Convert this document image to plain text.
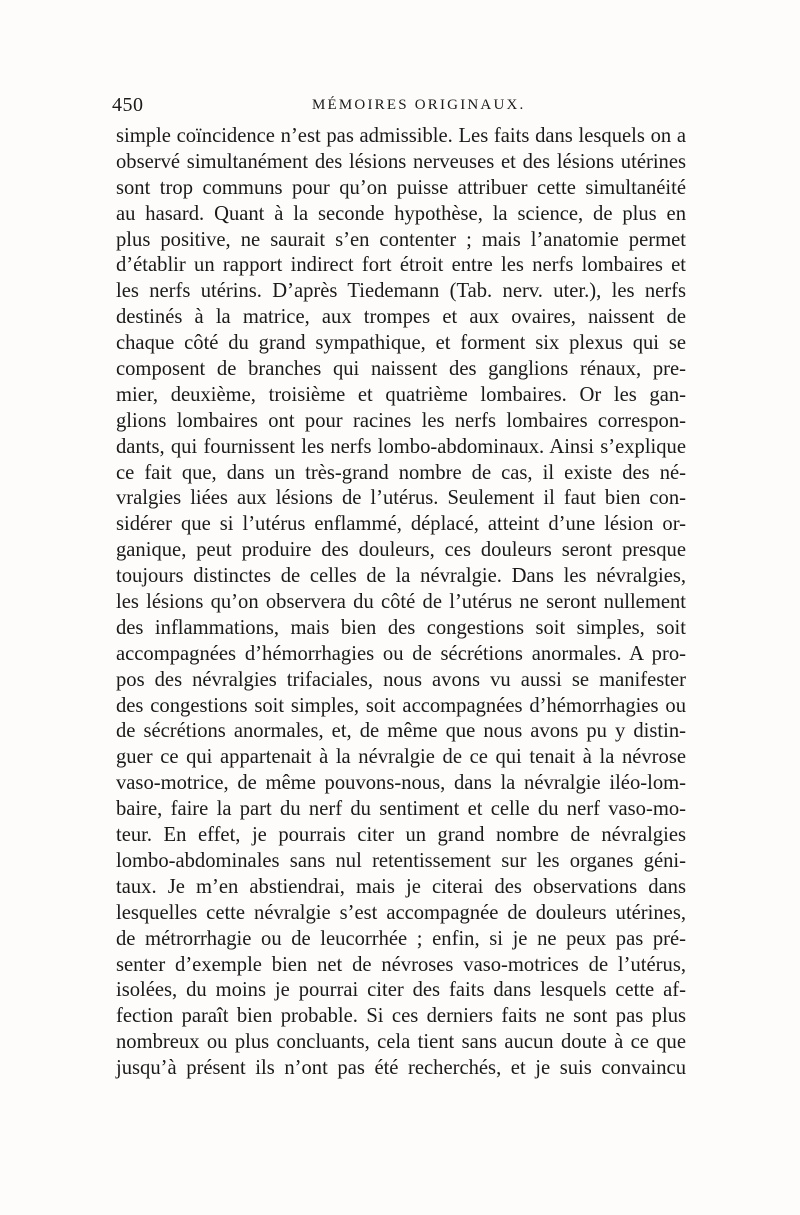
450	MÉMOIRES ORIGINAUX.
simple coïncidence n’est pas admissible. Les faits dans lesquels on a
observé simultanément des lésions nerveuses et des lésions utérines
sont trop communs pour qu’on puisse attribuer cette simultanéité
au hasard. Quant à la seconde hypothèse, la science, de plus en
plus positive, ne saurait s’en contenter ; mais l’anatomie permet
d’établir un rapport indirect fort étroit entre les nerfs lombaires et
les nerfs utérins. D’après Tiedemann (Tab. nerv. uter.), les nerfs
destinés à la matrice, aux trompes et aux ovaires, naissent de
chaque côté du grand sympathique, et forment six plexus qui se
composent de branches qui naissent des ganglions rénaux, pre-
mier, deuxième, troisième et quatrième lombaires. Or les gan-
glions lombaires ont pour racines les nerfs lombaires correspon-
dants, qui fournissent les nerfs lombo-abdominaux. Ainsi s’explique
ce fait que, dans un très-grand nombre de cas, il existe des né-
vralgies liées aux lésions de l’utérus. Seulement il faut bien con-
sidérer que si l’utérus enflammé, déplacé, atteint d’une lésion or-
ganique, peut produire des douleurs, ces douleurs seront presque
toujours distinctes de celles de la névralgie. Dans les névralgies,
les lésions qu’on observera du côté de l’utérus ne seront nullement
des inflammations, mais bien des congestions soit simples, soit
accompagnées d’hémorrhagies ou de sécrétions anormales. A pro-
pos des névralgies trifaciales, nous avons vu aussi se manifester
des congestions soit simples, soit accompagnées d’hémorrhagies ou
de sécrétions anormales, et, de même que nous avons pu y distin-
guer ce qui appartenait à la névralgie de ce qui tenait à la névrose
vaso-motrice, de même pouvons-nous, dans la névralgie iléo-lom-
baire, faire la part du nerf du sentiment et celle du nerf vaso-mo-
teur. En effet, je pourrais citer un grand nombre de névralgies
lombo-abdominales sans nul retentissement sur les organes géni-
taux. Je m’en abstiendrai, mais je citerai des observations dans
lesquelles cette névralgie s’est accompagnée de douleurs utérines,
de métrorrhagie ou de leucorrhée ; enfin, si je ne peux pas pré-
senter d’exemple bien net de névroses vaso-motrices de l’utérus,
isolées, du moins je pourrai citer des faits dans lesquels cette af-
fection paraît bien probable. Si ces derniers faits ne sont pas plus
nombreux ou plus concluants, cela tient sans aucun doute à ce que
jusqu’à présent ils n’ont pas été recherchés, et je suis convaincu
